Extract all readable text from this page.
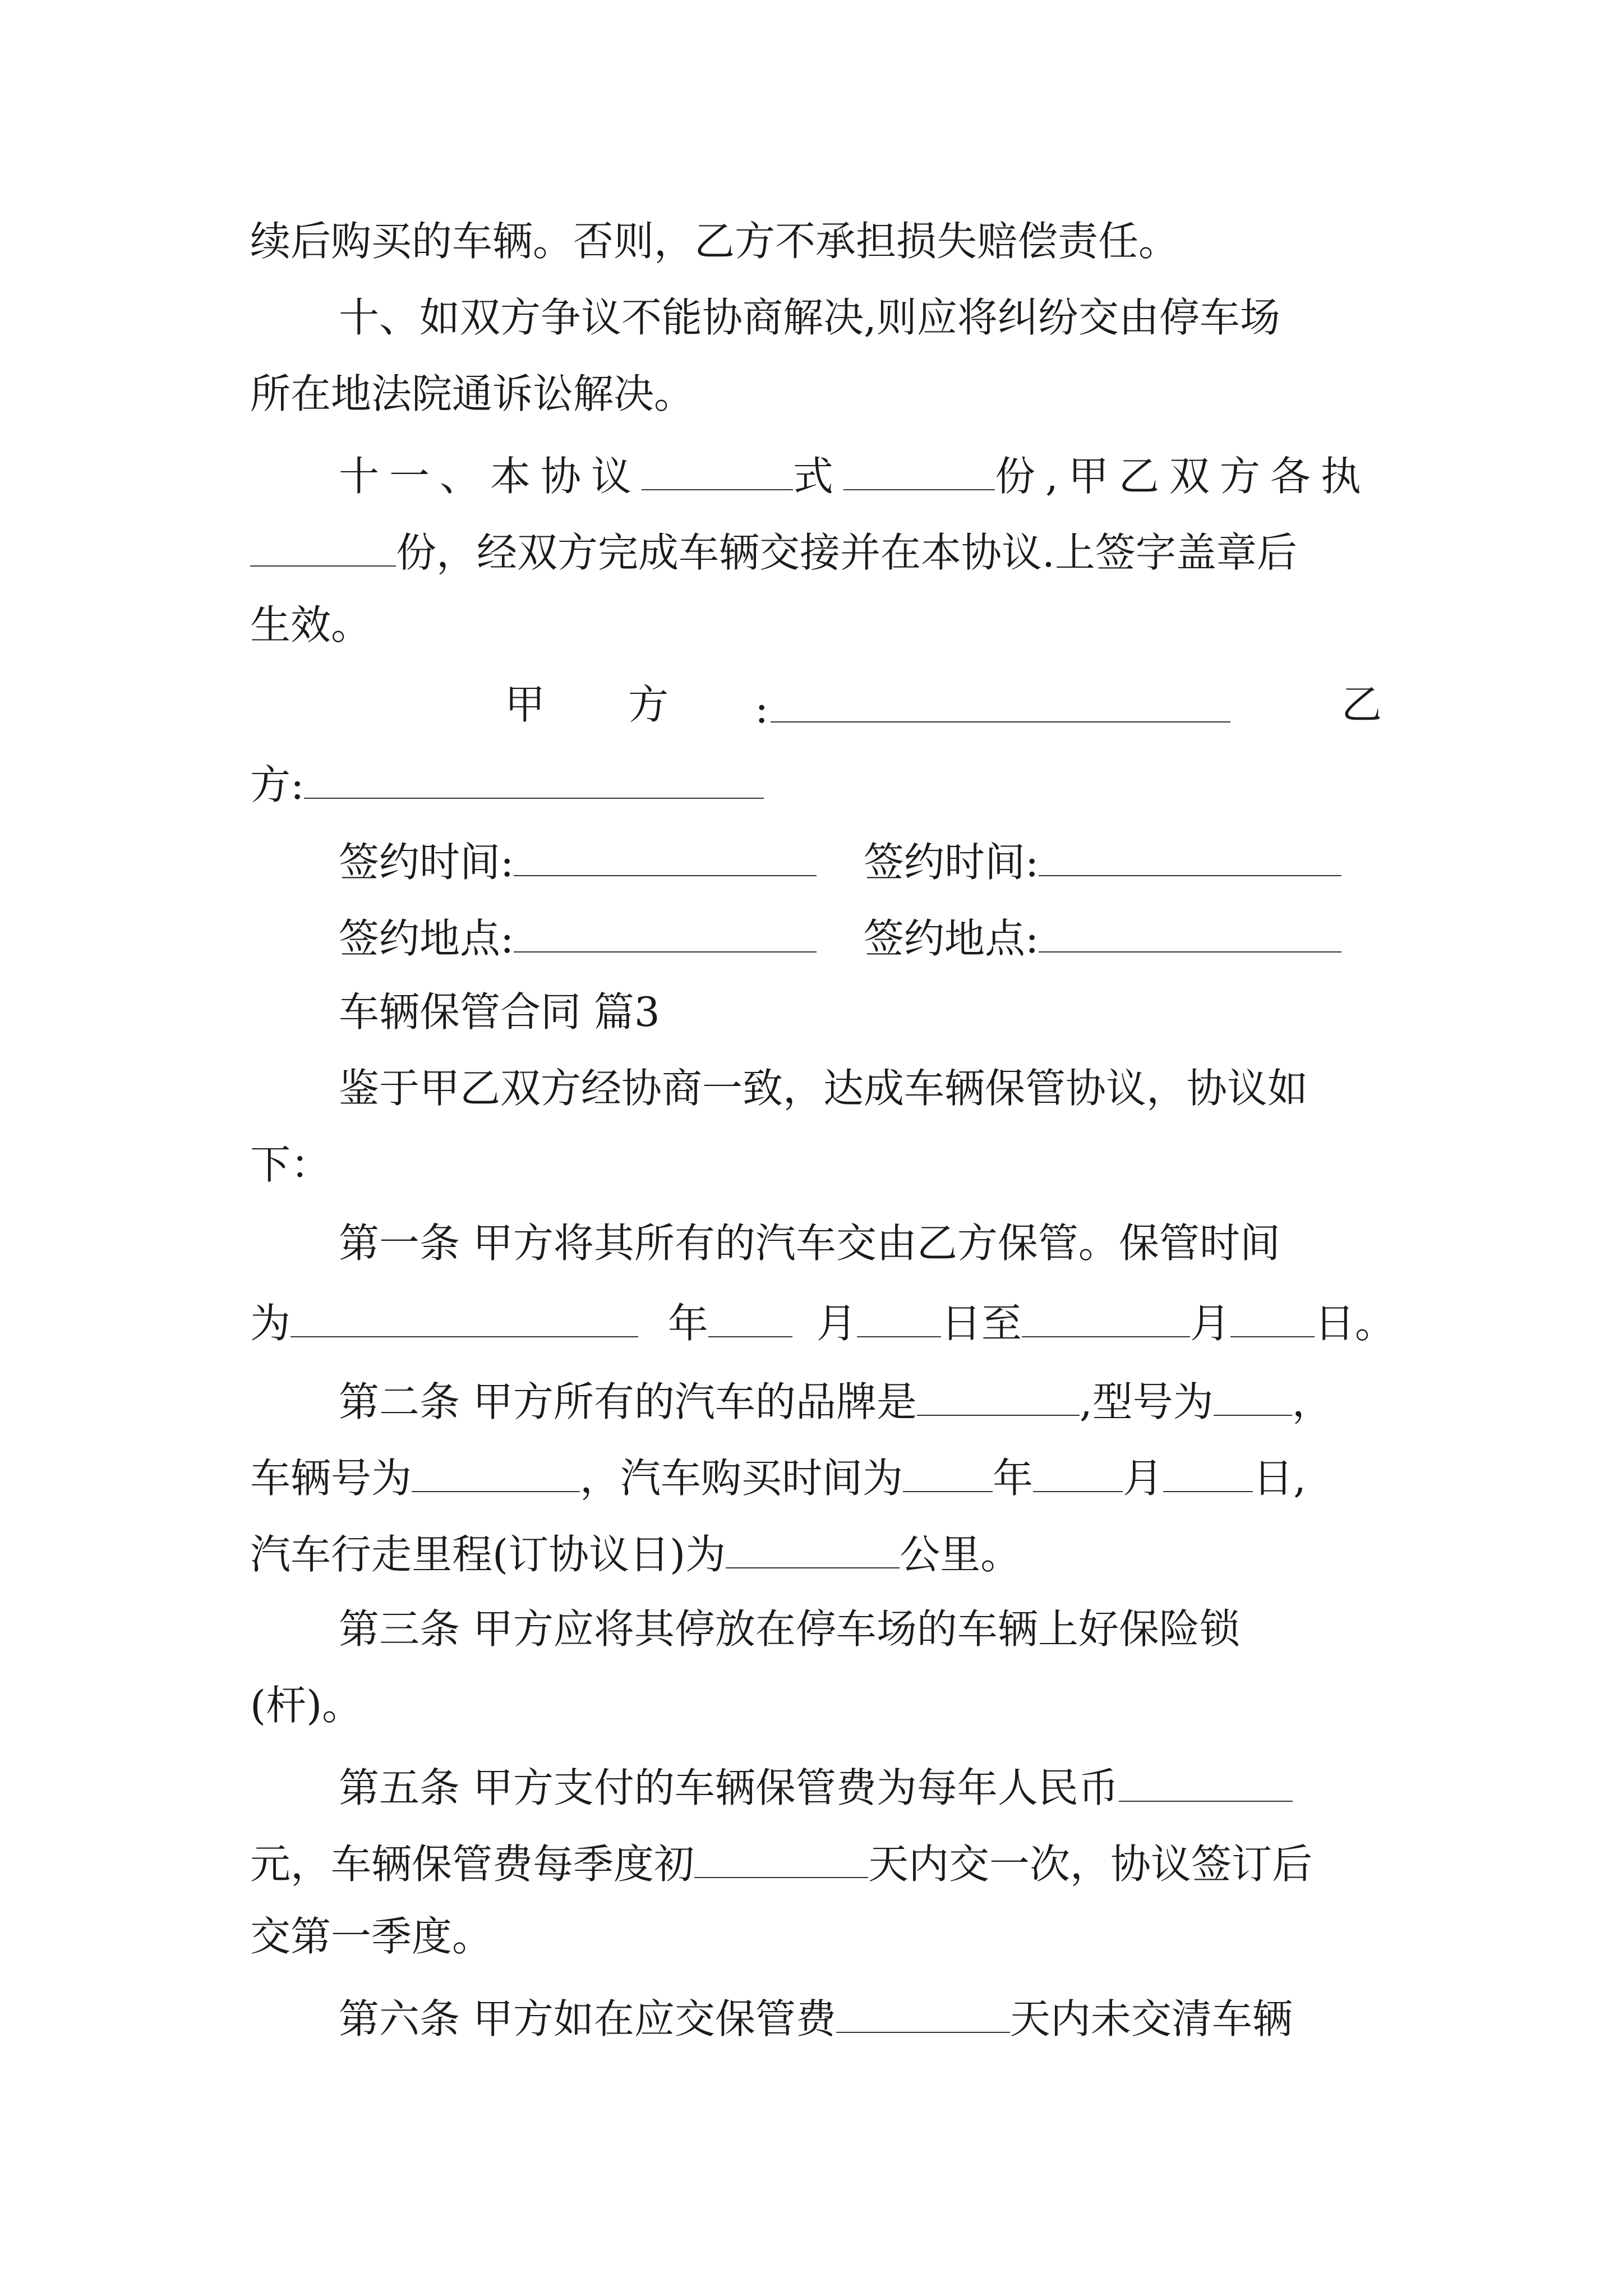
续后购买的车辆。否则，乙方不承担损失赔偿责任。
十、如双方争议不能协商解决,则应将纠纷交由停车场
所在地法院通诉讼解决。
十一、本协议	式	份,甲乙双方各执
份，经双方完成车辆交接并在本协议.上签字盖章后
生效。
甲 方 :	乙
方:
签约时间:	签约时间:
签约地点:	签约地点:
车辆保管合同 篇3
鉴于甲乙双方经协商一致，达成车辆保管协议，协议如
下：
第一条 甲方将其所有的汽车交由乙方保管。保管时间
为	年	月 日至	月 日。
第二条 甲方所有的汽车的品牌是	,型号为 ，
车辆号为	，汽车购买时间为 年 月 日,
汽车行走里程(订协议日)为	公里。
第三条 甲方应将其停放在停车场的车辆上好保险锁
(杆)。
第五条 甲方支付的车辆保管费为每年人民币
元，车辆保管费每季度初	天内交一次，协议签订后
交第一季度。
第六条 甲方如在应交保管费	天内未交清车辆
